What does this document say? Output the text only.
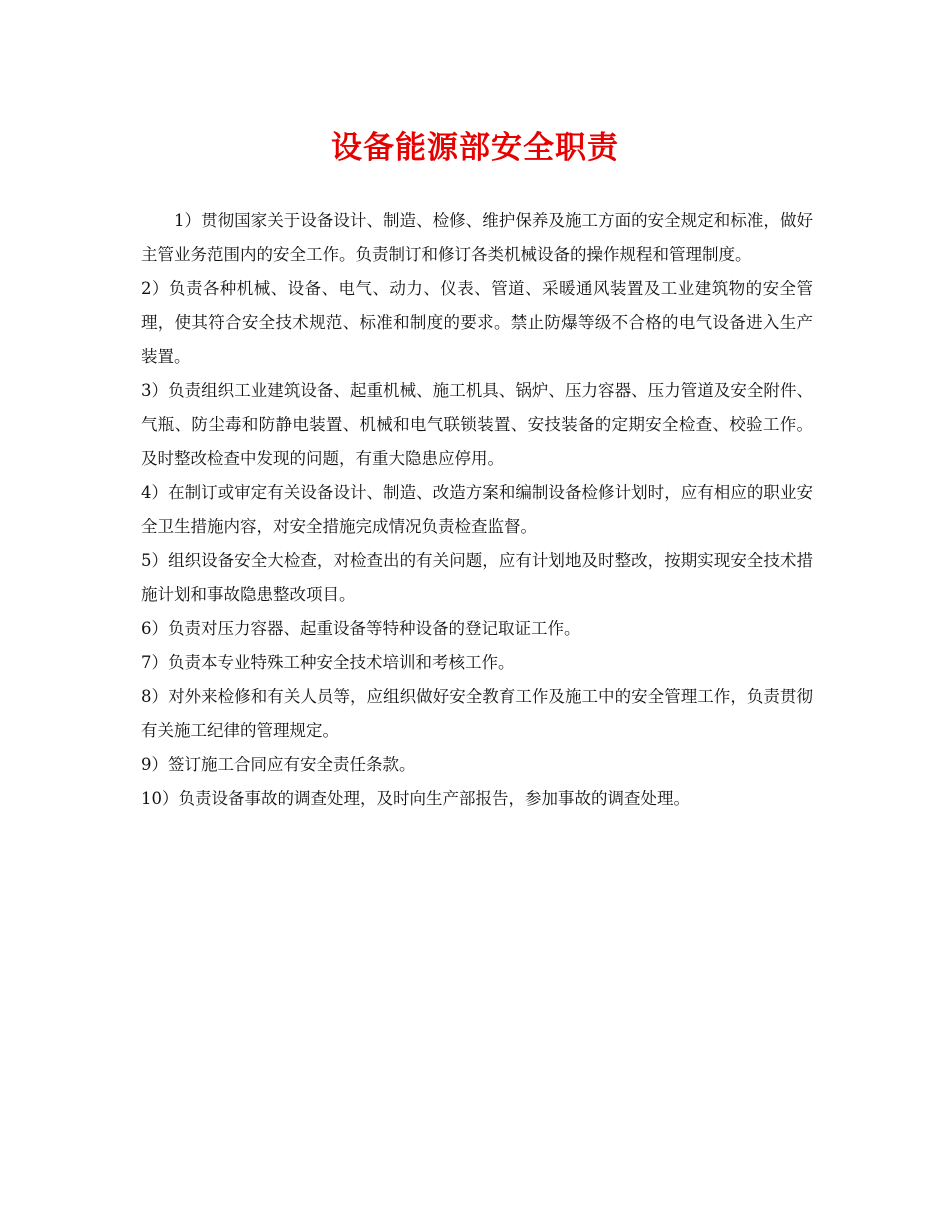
设备能源部安全职责

1）贯彻国家关于设备设计、制造、检修、维护保养及施工方面的安全规定和标准，做好主管业务范围内的安全工作。负责制订和修订各类机械设备的操作规程和管理制度。

2）负责各种机械、设备、电气、动力、仪表、管道、采暖通风装置及工业建筑物的安全管理，使其符合安全技术规范、标准和制度的要求。禁止防爆等级不合格的电气设备进入生产装置。

3）负责组织工业建筑设备、起重机械、施工机具、锅炉、压力容器、压力管道及安全附件、气瓶、防尘毒和防静电装置、机械和电气联锁装置、安技装备的定期安全检查、校验工作。及时整改检查中发现的问题，有重大隐患应停用。

4）在制订或审定有关设备设计、制造、改造方案和编制设备检修计划时，应有相应的职业安全卫生措施内容，对安全措施完成情况负责检查监督。

5）组织设备安全大检查，对检查出的有关问题，应有计划地及时整改，按期实现安全技术措施计划和事故隐患整改项目。

6）负责对压力容器、起重设备等特种设备的登记取证工作。

7）负责本专业特殊工种安全技术培训和考核工作。

8）对外来检修和有关人员等，应组织做好安全教育工作及施工中的安全管理工作，负责贯彻有关施工纪律的管理规定。

9）签订施工合同应有安全责任条款。

10）负责设备事故的调查处理，及时向生产部报告，参加事故的调查处理。
